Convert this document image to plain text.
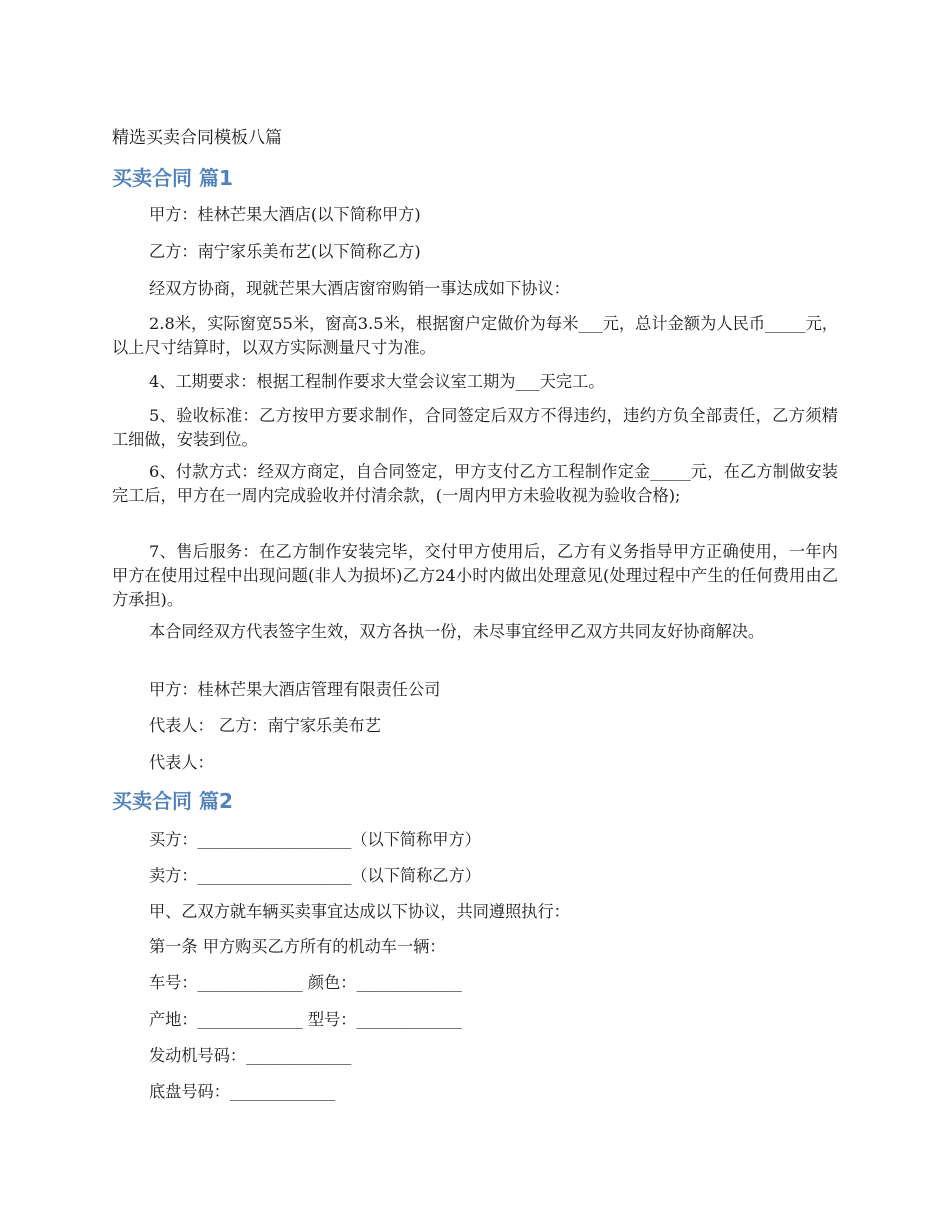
精选买卖合同模板八篇
买卖合同 篇1
甲方：桂林芒果大酒店(以下简称甲方)
乙方：南宁家乐美布艺(以下简称乙方)
经双方协商，现就芒果大酒店窗帘购销一事达成如下协议：
2.8米，实际窗宽55米，窗高3.5米，根据窗户定做价为每米___元，总计金额为人民币_____元，以上尺寸结算时，以双方实际测量尺寸为准。
4、工期要求：根据工程制作要求大堂会议室工期为___天完工。
5、验收标准：乙方按甲方要求制作，合同签定后双方不得违约，违约方负全部责任，乙方须精工细做，安装到位。
6、付款方式：经双方商定，自合同签定，甲方支付乙方工程制作定金_____元，在乙方制做安装完工后，甲方在一周内完成验收并付清余款，(一周内甲方未验收视为验收合格);
7、售后服务：在乙方制作安装完毕，交付甲方使用后，乙方有义务指导甲方正确使用，一年内甲方在使用过程中出现问题(非人为损坏)乙方24小时内做出处理意见(处理过程中产生的任何费用由乙方承担)。
本合同经双方代表签字生效，双方各执一份，未尽事宜经甲乙双方共同友好协商解决。
甲方：桂林芒果大酒店管理有限责任公司
代表人： 乙方：南宁家乐美布艺
代表人：
买卖合同 篇2
买方：___________________（以下简称甲方）
卖方：___________________（以下简称乙方）
甲、乙双方就车辆买卖事宜达成以下协议，共同遵照执行：
第一条 甲方购买乙方所有的机动车一辆：
车号：_____________ 颜色：_____________
产地：_____________ 型号：_____________
发动机号码：_____________
底盘号码：_____________
